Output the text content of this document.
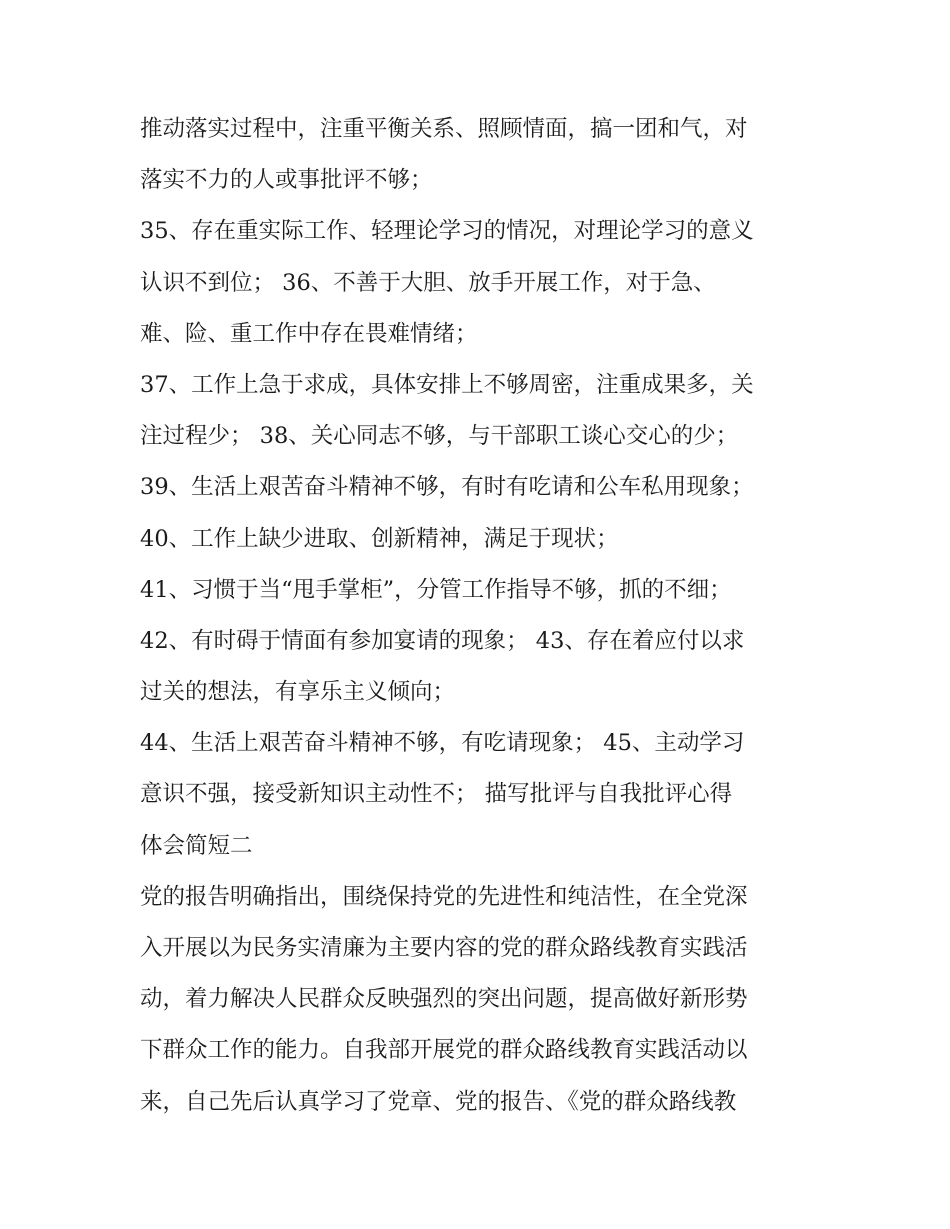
推动落实过程中，注重平衡关系、照顾情面，搞一团和气，对
落实不力的人或事批评不够；
35、存在重实际工作、轻理论学习的情况，对理论学习的意义
认识不到位； 36、不善于大胆、放手开展工作，对于急、
难、险、重工作中存在畏难情绪；
37、工作上急于求成，具体安排上不够周密，注重成果多，关
注过程少； 38、关心同志不够，与干部职工谈心交心的少；
39、生活上艰苦奋斗精神不够，有时有吃请和公车私用现象；
40、工作上缺少进取、创新精神，满足于现状；
41、习惯于当“甩手掌柜”，分管工作指导不够，抓的不细；
42、有时碍于情面有参加宴请的现象； 43、存在着应付以求
过关的想法，有享乐主义倾向；
44、生活上艰苦奋斗精神不够，有吃请现象； 45、主动学习
意识不强，接受新知识主动性不； 描写批评与自我批评心得
体会简短二
党的报告明确指出，围绕保持党的先进性和纯洁性，在全党深
入开展以为民务实清廉为主要内容的党的群众路线教育实践活
动，着力解决人民群众反映强烈的突出问题，提高做好新形势
下群众工作的能力。自我部开展党的群众路线教育实践活动以
来，自己先后认真学习了党章、党的报告、《党的群众路线教
